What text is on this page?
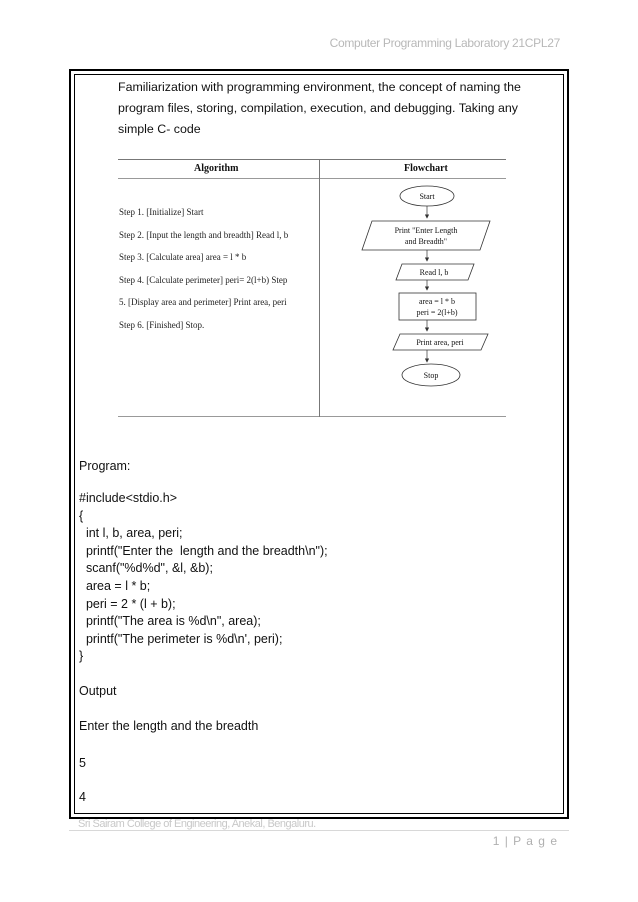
Computer Programming Laboratory 21CPL27
Familiarization with programming environment, the concept of naming the program files, storing, compilation, execution, and debugging. Taking any simple C- code
Algorithm	Flowchart
Step 1. [Initialize] Start
Step 2. [Input the length and breadth] Read l, b
Step 3. [Calculate area] area = l * b
Step 4. [Calculate perimeter] peri= 2(l+b) Step
5. [Display area and perimeter] Print area, peri
Step 6. [Finished] Stop.
Start
Print "Enter Length
and Breadth"
Read l, b
area = l * b
peri = 2(l+b)
Print area, peri
Stop
Program:
#include<stdio.h>
{
int l, b, area, peri;
printf("Enter the  length and the breadth\n");
scanf("%d%d", &l, &b);
area = l * b;
peri = 2 * (l + b);
printf("The area is %d\n", area);
printf("The perimeter is %d\n', peri);
}
Output
Enter the length and the breadth
5
4
Sri Sairam College of Engineering, Anekal, Bengaluru.
1 | P a g e
